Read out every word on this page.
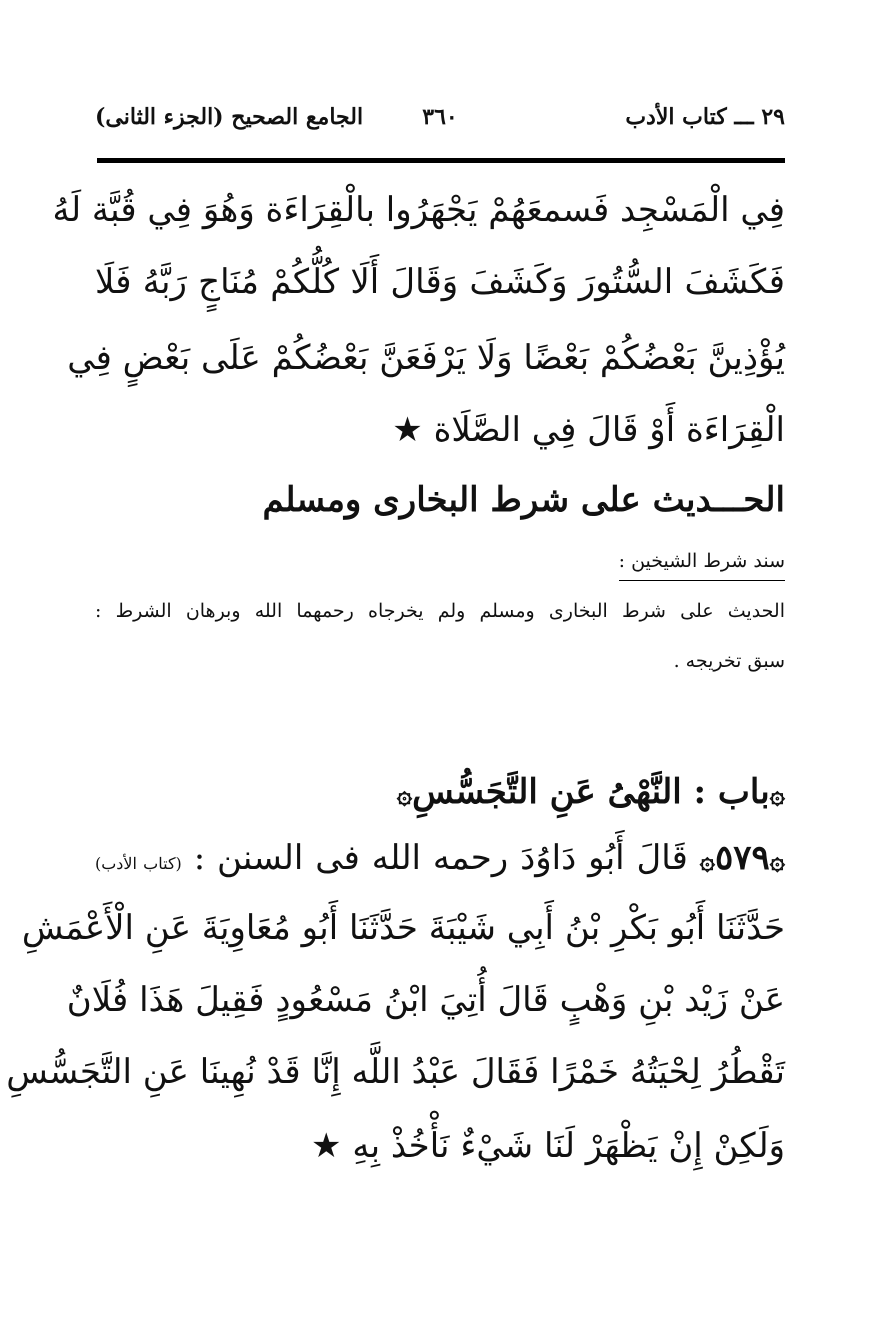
٢٩ ـــ كتاب الأدب
٣٦٠
الجامع الصحيح (الجزء الثانى)
فِي الْمَسْجِد فَسمعَهُمْ يَجْهَرُوا بالْقِرَاءَة وَهُوَ فِي قُبَّة لَهُ
فَكَشَفَ السُّتُورَ وَكَشَفَ وَقَالَ أَلَا كُلُّكُمْ مُنَاجٍ رَبَّهُ فَلَا
يُؤْذِينَّ بَعْضُكُمْ بَعْضًا وَلَا يَرْفَعَنَّ بَعْضُكُمْ عَلَى بَعْضٍ فِي
الْقِرَاءَة أَوْ قَالَ فِي الصَّلَاة ★
الحـــديث على شرط البخارى ومسلم
سند شرط الشيخين :
الحديث على شرط البخارى ومسلم ولم يخرجاه رحمهما الله وبرهان الشرط :
سبق تخريجه .
۞باب : النَّهْىُ عَنِ التَّجَسُّسِ۞
۞٥٧٩۞ قَالَ أَبُو دَاوُدَ رحمه الله فى السنن : (كتاب الأدب)
حَدَّثَنَا أَبُو بَكْرِ بْنُ أَبِي شَيْبَةَ حَدَّثَنَا أَبُو مُعَاوِيَةَ عَنِ الْأَعْمَشِ
عَنْ زَيْد بْنِ وَهْبٍ قَالَ أُتِيَ ابْنُ مَسْعُودٍ فَقِيلَ هَذَا فُلَانٌ
تَقْطُرُ لِحْيَتُهُ خَمْرًا فَقَالَ عَبْدُ اللَّه إِنَّا قَدْ نُهِينَا عَنِ التَّجَسُّسِ
وَلَكِنْ إِنْ يَظْهَرْ لَنَا شَيْءٌ نَأْخُذْ بِهِ ★
